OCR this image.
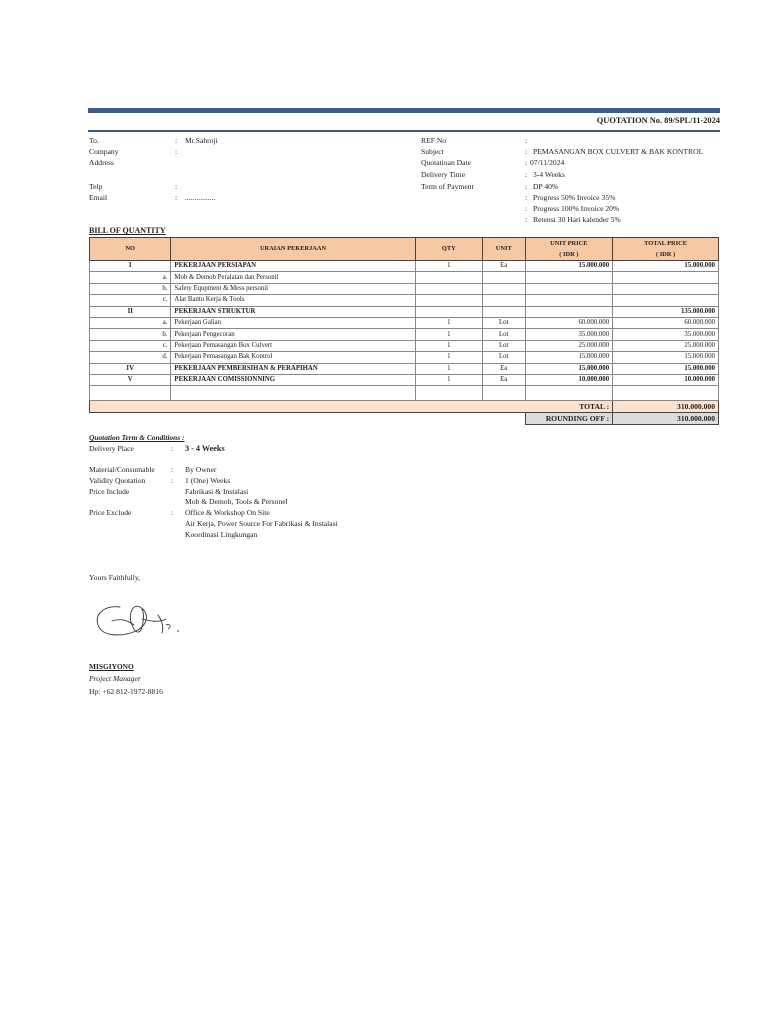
QUOTATION No. 89/SPL/11-2024
To.	: Mr.Sahroji
Company	:
Address
Telp	:
Email	: ................
REF No	:
Subject	: PEMASANGAN BOX CULVERT & BAK KONTROL
Quotatioan Date	: 07/11/2024
Delivery Time	: 3-4 Weeks
Term of Payment	: DP 40%
: Progress 50% Invoice 35%
: Progress 100% Invoice 20%
: Retensi 30 Hari kalender 5%
BILL OF QUANTITY
NO	URAIAN PEKERJAAN	QTY	UNIT	UNIT PRICE	TOTAL PRICE
				( IDR )	( IDR )
I	PEKERJAAN PERSIAPAN	1	Ea	15.000.000	15.000.000
a.	Mob & Demob Peralatan dan Personil				
b.	Safety Equpment & Mess personil				
c.	Alat Bantu Kerja & Tools				
II	PEKERJAAN STRUKTUR				135.000.000
a.	Pekerjaan Galian	1	Lot	60.000.000	60.000.000
b.	Pekerjaan Pengecoran	1	Lot	35.000.000	35.000.000
c.	Pekerjaan Pemasangan Box Culvert	1	Lot	25.000.000	25.000.000
d.	Pekerjaan Pemasangan Bak Kontrol	1	Lot	15.000.000	15.000.000
IV	PEKERJAAN PEMBERSIHAN & PERAPIHAN	1	Ea	15.000.000	15.000.000
V	PEKERJAAN COMISSIONNING	1	Ea	10.000.000	10.000.000

TOTAL :					310.000.000
				ROUNDING OFF :	310.000.000
Quotation Term & Conditions :
Delivery Place	: 3 - 4 Weeks
Material/Consumable : By Owner
Validity Quotation	: 1 (One) Weeks
Price Include	Fabrikasi & Instalasi
Mob & Demob, Tools & Personel
Price Exclude	: Office & Workshop On Site
Air Kerja, Power Source For Fabrikasi & Instalasi
Koordinasi Lingkungan
Yours Faithfully,
MISGIYONO
Project Manager
Hp: +62 812-1972-8816
